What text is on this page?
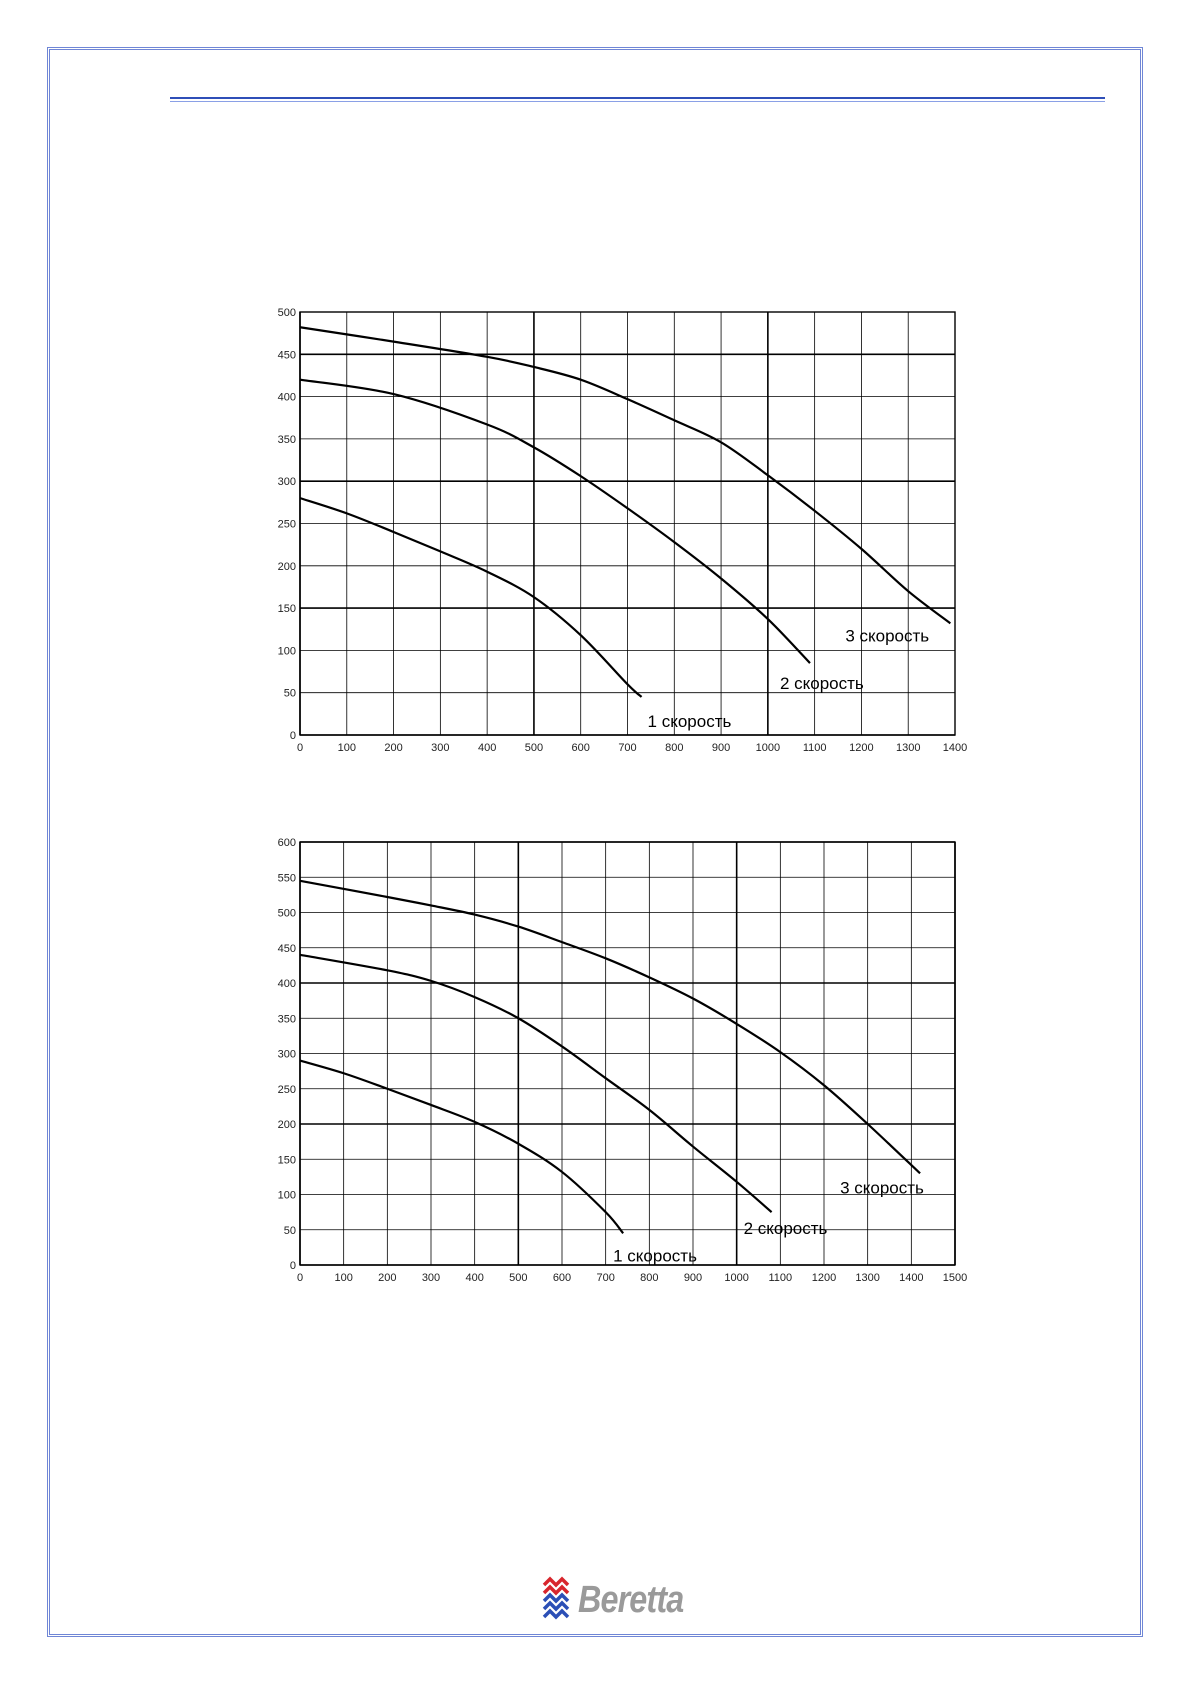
0	100	200	300	400	500	600	700	800	900 1000 1100 1200 1300 1400
0
50
100
150
200
250
300
350
400
450
500
1 скорость
2 скорость
3 скорость
0	100 200 300 400 500 600 700 800 900 1000 1100 1200 1300 1400 1500
0
50
100
150
200
250
300
350
400
450
500
550
600
1 скорость
2 скорость
3 скорость
Beretta
